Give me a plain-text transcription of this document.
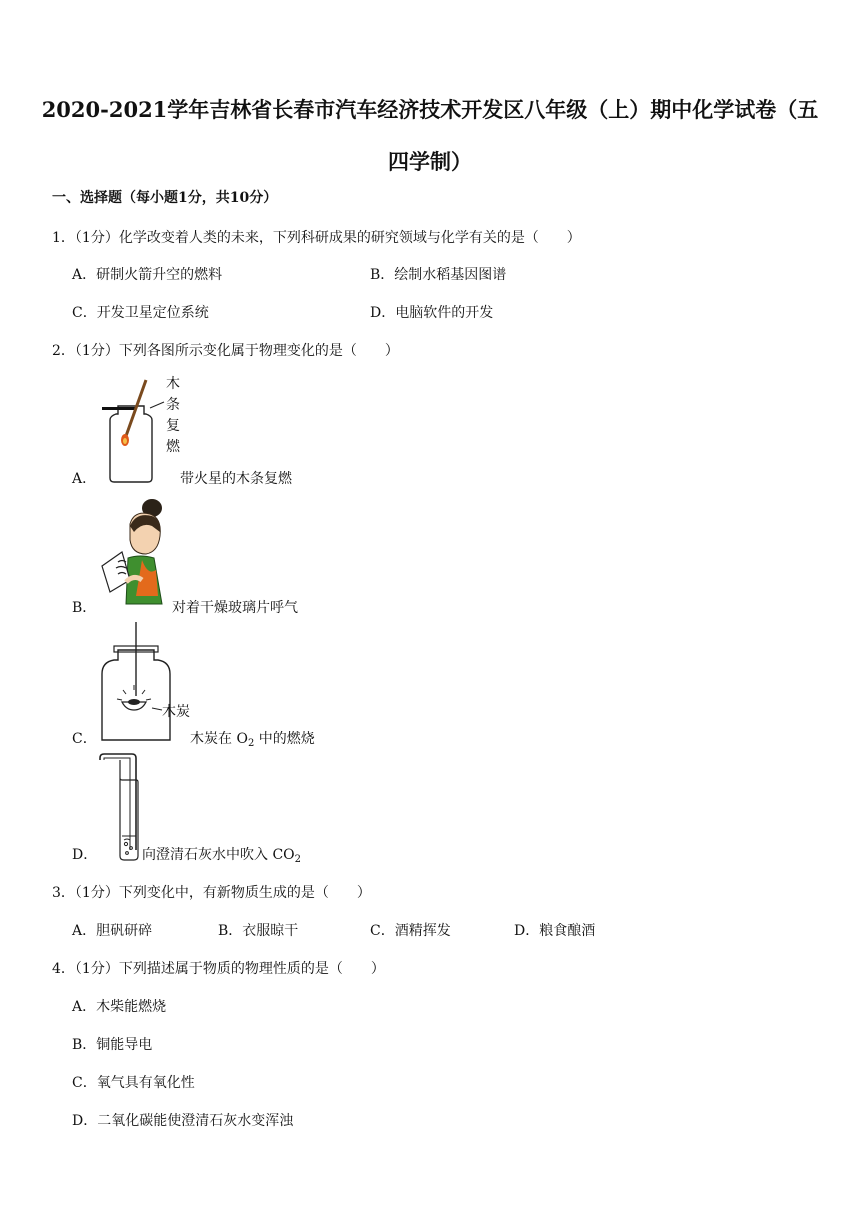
2020-2021学年吉林省长春市汽车经济技术开发区八年级（上）期中化学试卷（五四学制）
一、选择题（每小题1分，共10分）
1．（1分）化学改变着人类的未来，下列科研成果的研究领域与化学有关的是（　　）
A．研制火箭升空的燃料	B．绘制水稻基因图谱
C．开发卫星定位系统	D．电脑软件的开发
2．（1分）下列各图所示变化属于物理变化的是（　　）
A．
木
条
复
燃
带火星的木条复燃
B．	对着干燥玻璃片呼气
C．
木炭
木炭在 $O_2$ 中的燃烧
D．	向澄清石灰水中吹入 $CO_2$
3．（1分）下列变化中，有新物质生成的是（　　）
A．胆矾研碎	B．衣服晾干	C．酒精挥发	D．粮食酿酒
4．（1分）下列描述属于物质的物理性质的是（　　）
A．木柴能燃烧
B．铜能导电
C．氧气具有氧化性
D．二氧化碳能使澄清石灰水变浑浊
